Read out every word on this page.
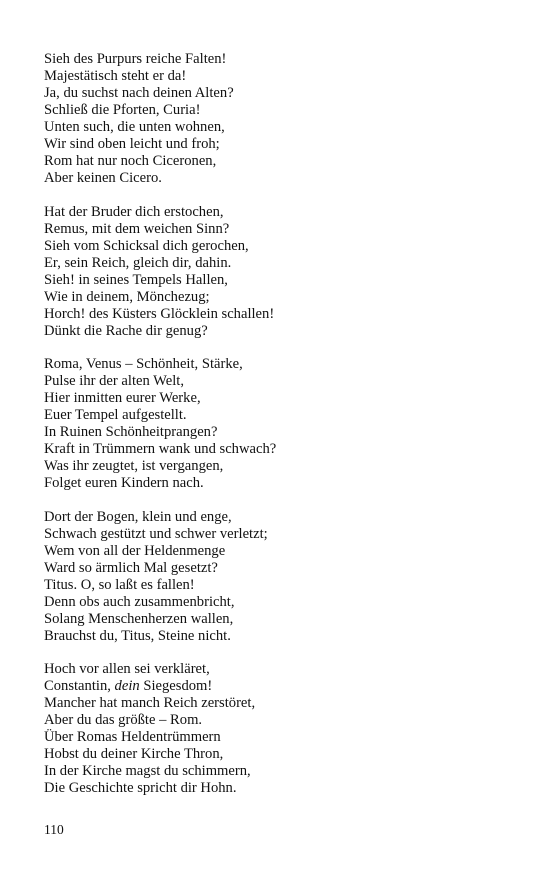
Sieh des Purpurs reiche Falten!
Majestätisch steht er da!
Ja, du suchst nach deinen Alten?
Schließ die Pforten, Curia!
Unten such, die unten wohnen,
Wir sind oben leicht und froh;
Rom hat nur noch Ciceronen,
Aber keinen Cicero.
Hat der Bruder dich erstochen,
Remus, mit dem weichen Sinn?
Sieh vom Schicksal dich gerochen,
Er, sein Reich, gleich dir, dahin.
Sieh! in seines Tempels Hallen,
Wie in deinem, Mönchezug;
Horch! des Küsters Glöcklein schallen!
Dünkt die Rache dir genug?
Roma, Venus – Schönheit, Stärke,
Pulse ihr der alten Welt,
Hier inmitten eurer Werke,
Euer Tempel aufgestellt.
In Ruinen Schönheitprangen?
Kraft in Trümmern wank und schwach?
Was ihr zeugtet, ist vergangen,
Folget euren Kindern nach.
Dort der Bogen, klein und enge,
Schwach gestützt und schwer verletzt;
Wem von all der Heldenmenge
Ward so ärmlich Mal gesetzt?
Titus. O, so laßt es fallen!
Denn obs auch zusammenbricht,
Solang Menschenherzen wallen,
Brauchst du, Titus, Steine nicht.
Hoch vor allen sei verkläret,
Constantin, dein Siegesdom!
Mancher hat manch Reich zerstöret,
Aber du das größte – Rom.
Über Romas Heldentrümmern
Hobst du deiner Kirche Thron,
In der Kirche magst du schimmern,
Die Geschichte spricht dir Hohn.
110
